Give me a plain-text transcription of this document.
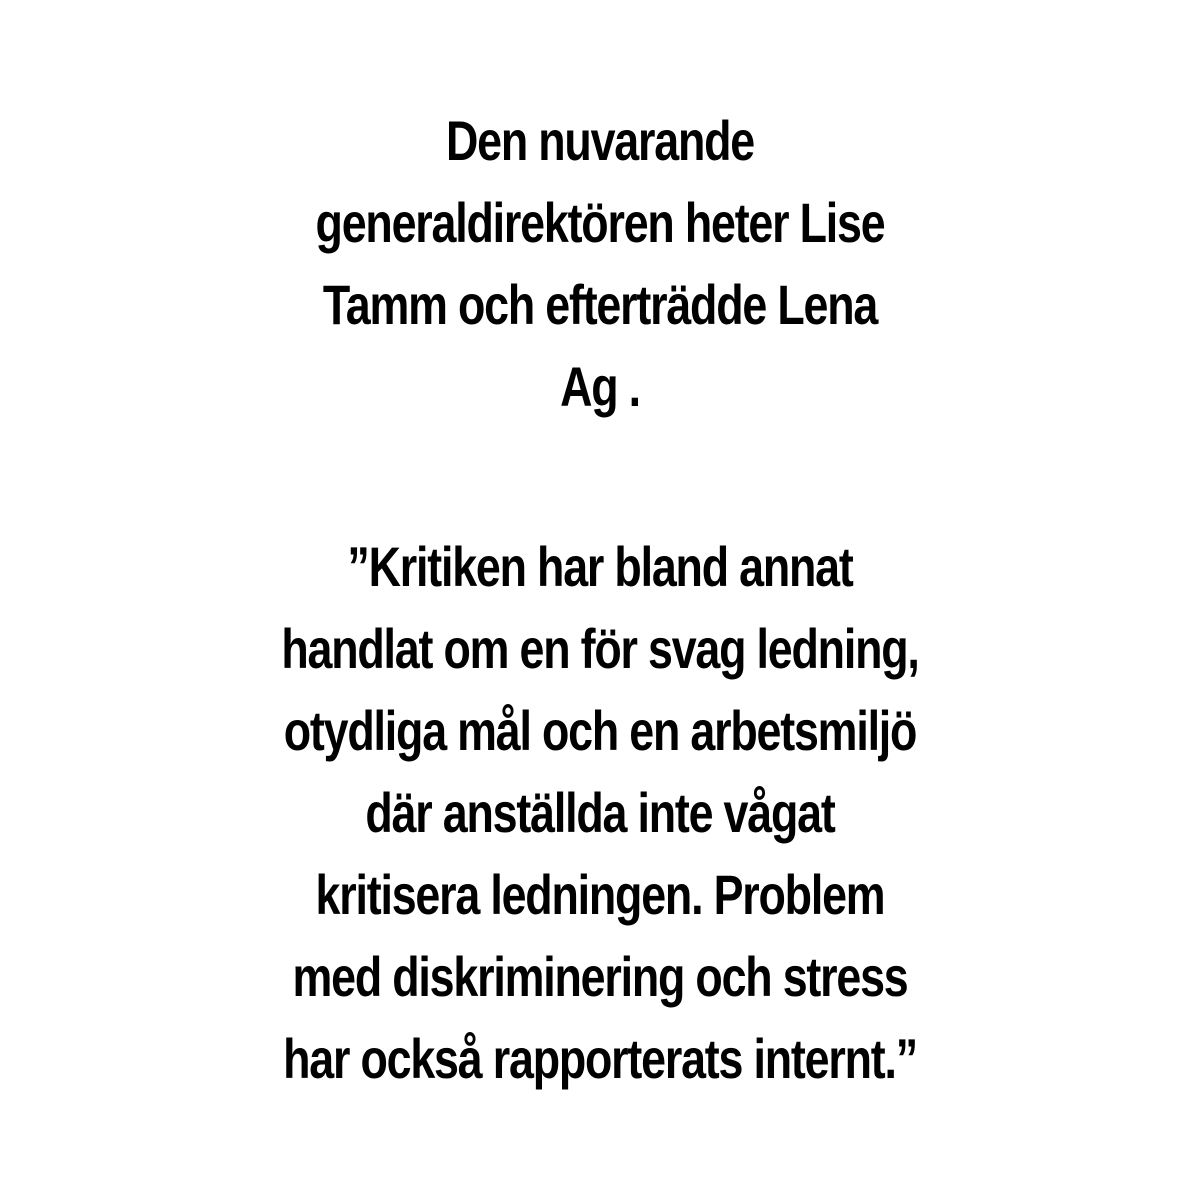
Den nuvarande
generaldirektören heter Lise
Tamm och efterträdde Lena
Ag .

”Kritiken har bland annat
handlat om en för svag ledning,
otydliga mål och en arbetsmiljö
där anställda inte vågat
kritisera ledningen. Problem
med diskriminering och stress
har också rapporterats internt.”
